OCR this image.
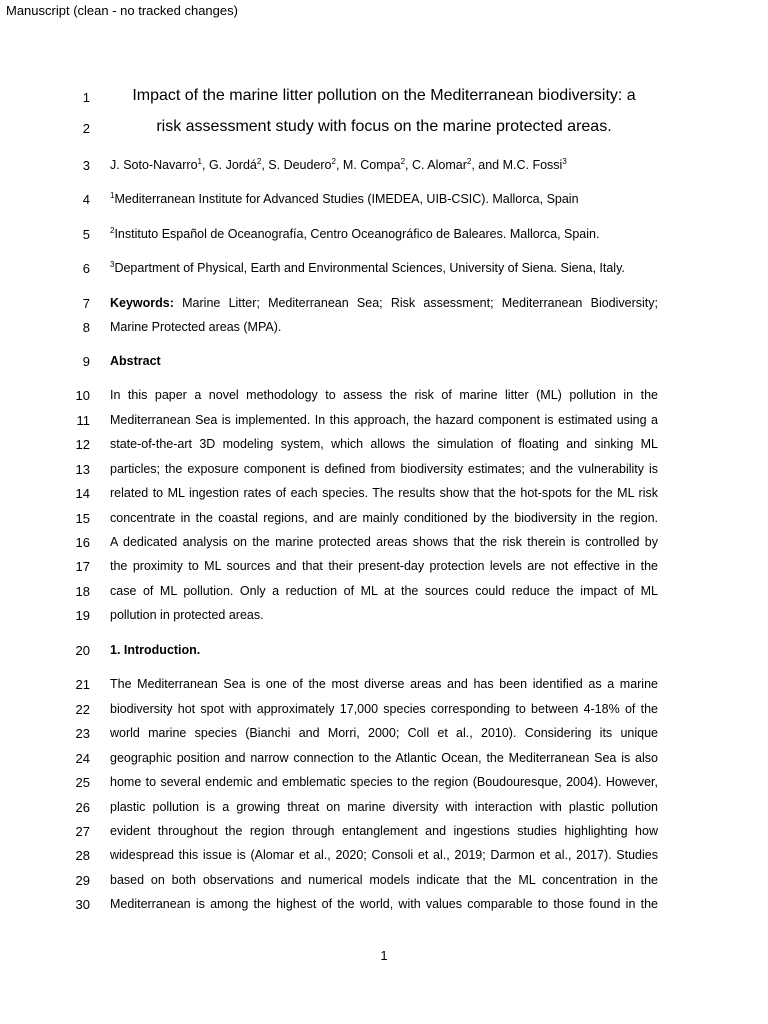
Manuscript (clean - no tracked changes)
1
2
3
4
5
6
7
8
9
10
11
12
13
14
15
16
17
18
19
20
21
22
23
24
25
26
27
28
29
30
Impact of the marine litter pollution on the Mediterranean biodiversity: a
risk assessment study with focus on the marine protected areas.
J. Soto-Navarro$^1$, G. Jordá$^2$, S. Deudero$^2$, M. Compa$^2$, C. Alomar$^2$, and M.C. Fossi$^3$
$^1$Mediterranean Institute for Advanced Studies (IMEDEA, UIB-CSIC). Mallorca, Spain
$^2$Instituto Español de Oceanografía, Centro Oceanográfico de Baleares. Mallorca, Spain.
$^3$Department of Physical, Earth and Environmental Sciences, University of Siena. Siena, Italy.
Keywords: Marine Litter; Mediterranean Sea; Risk assessment; Mediterranean Biodiversity;
Marine Protected areas (MPA).
Abstract
In this paper a novel methodology to assess the risk of marine litter (ML) pollution in the
Mediterranean Sea is implemented. In this approach, the hazard component is estimated using a
state-of-the-art 3D modeling system, which allows the simulation of floating and sinking ML
particles; the exposure component is defined from biodiversity estimates; and the vulnerability is
related to ML ingestion rates of each species. The results show that the hot-spots for the ML risk
concentrate in the coastal regions, and are mainly conditioned by the biodiversity in the region.
A dedicated analysis on the marine protected areas shows that the risk therein is controlled by
the proximity to ML sources and that their present-day protection levels are not effective in the
case of ML pollution. Only a reduction of ML at the sources could reduce the impact of ML
pollution in protected areas.
1. Introduction.
The Mediterranean Sea is one of the most diverse areas and has been identified as a marine
biodiversity hot spot with approximately 17,000 species corresponding to between 4-18% of the
world marine species (Bianchi and Morri, 2000; Coll et al., 2010). Considering its unique
geographic position and narrow connection to the Atlantic Ocean, the Mediterranean Sea is also
home to several endemic and emblematic species to the region (Boudouresque, 2004). However,
plastic pollution is a growing threat on marine diversity with interaction with plastic pollution
evident throughout the region through entanglement and ingestions studies highlighting how
widespread this issue is (Alomar et al., 2020; Consoli et al., 2019; Darmon et al., 2017). Studies
based on both observations and numerical models indicate that the ML concentration in the
Mediterranean is among the highest of the world, with values comparable to those found in the
1
